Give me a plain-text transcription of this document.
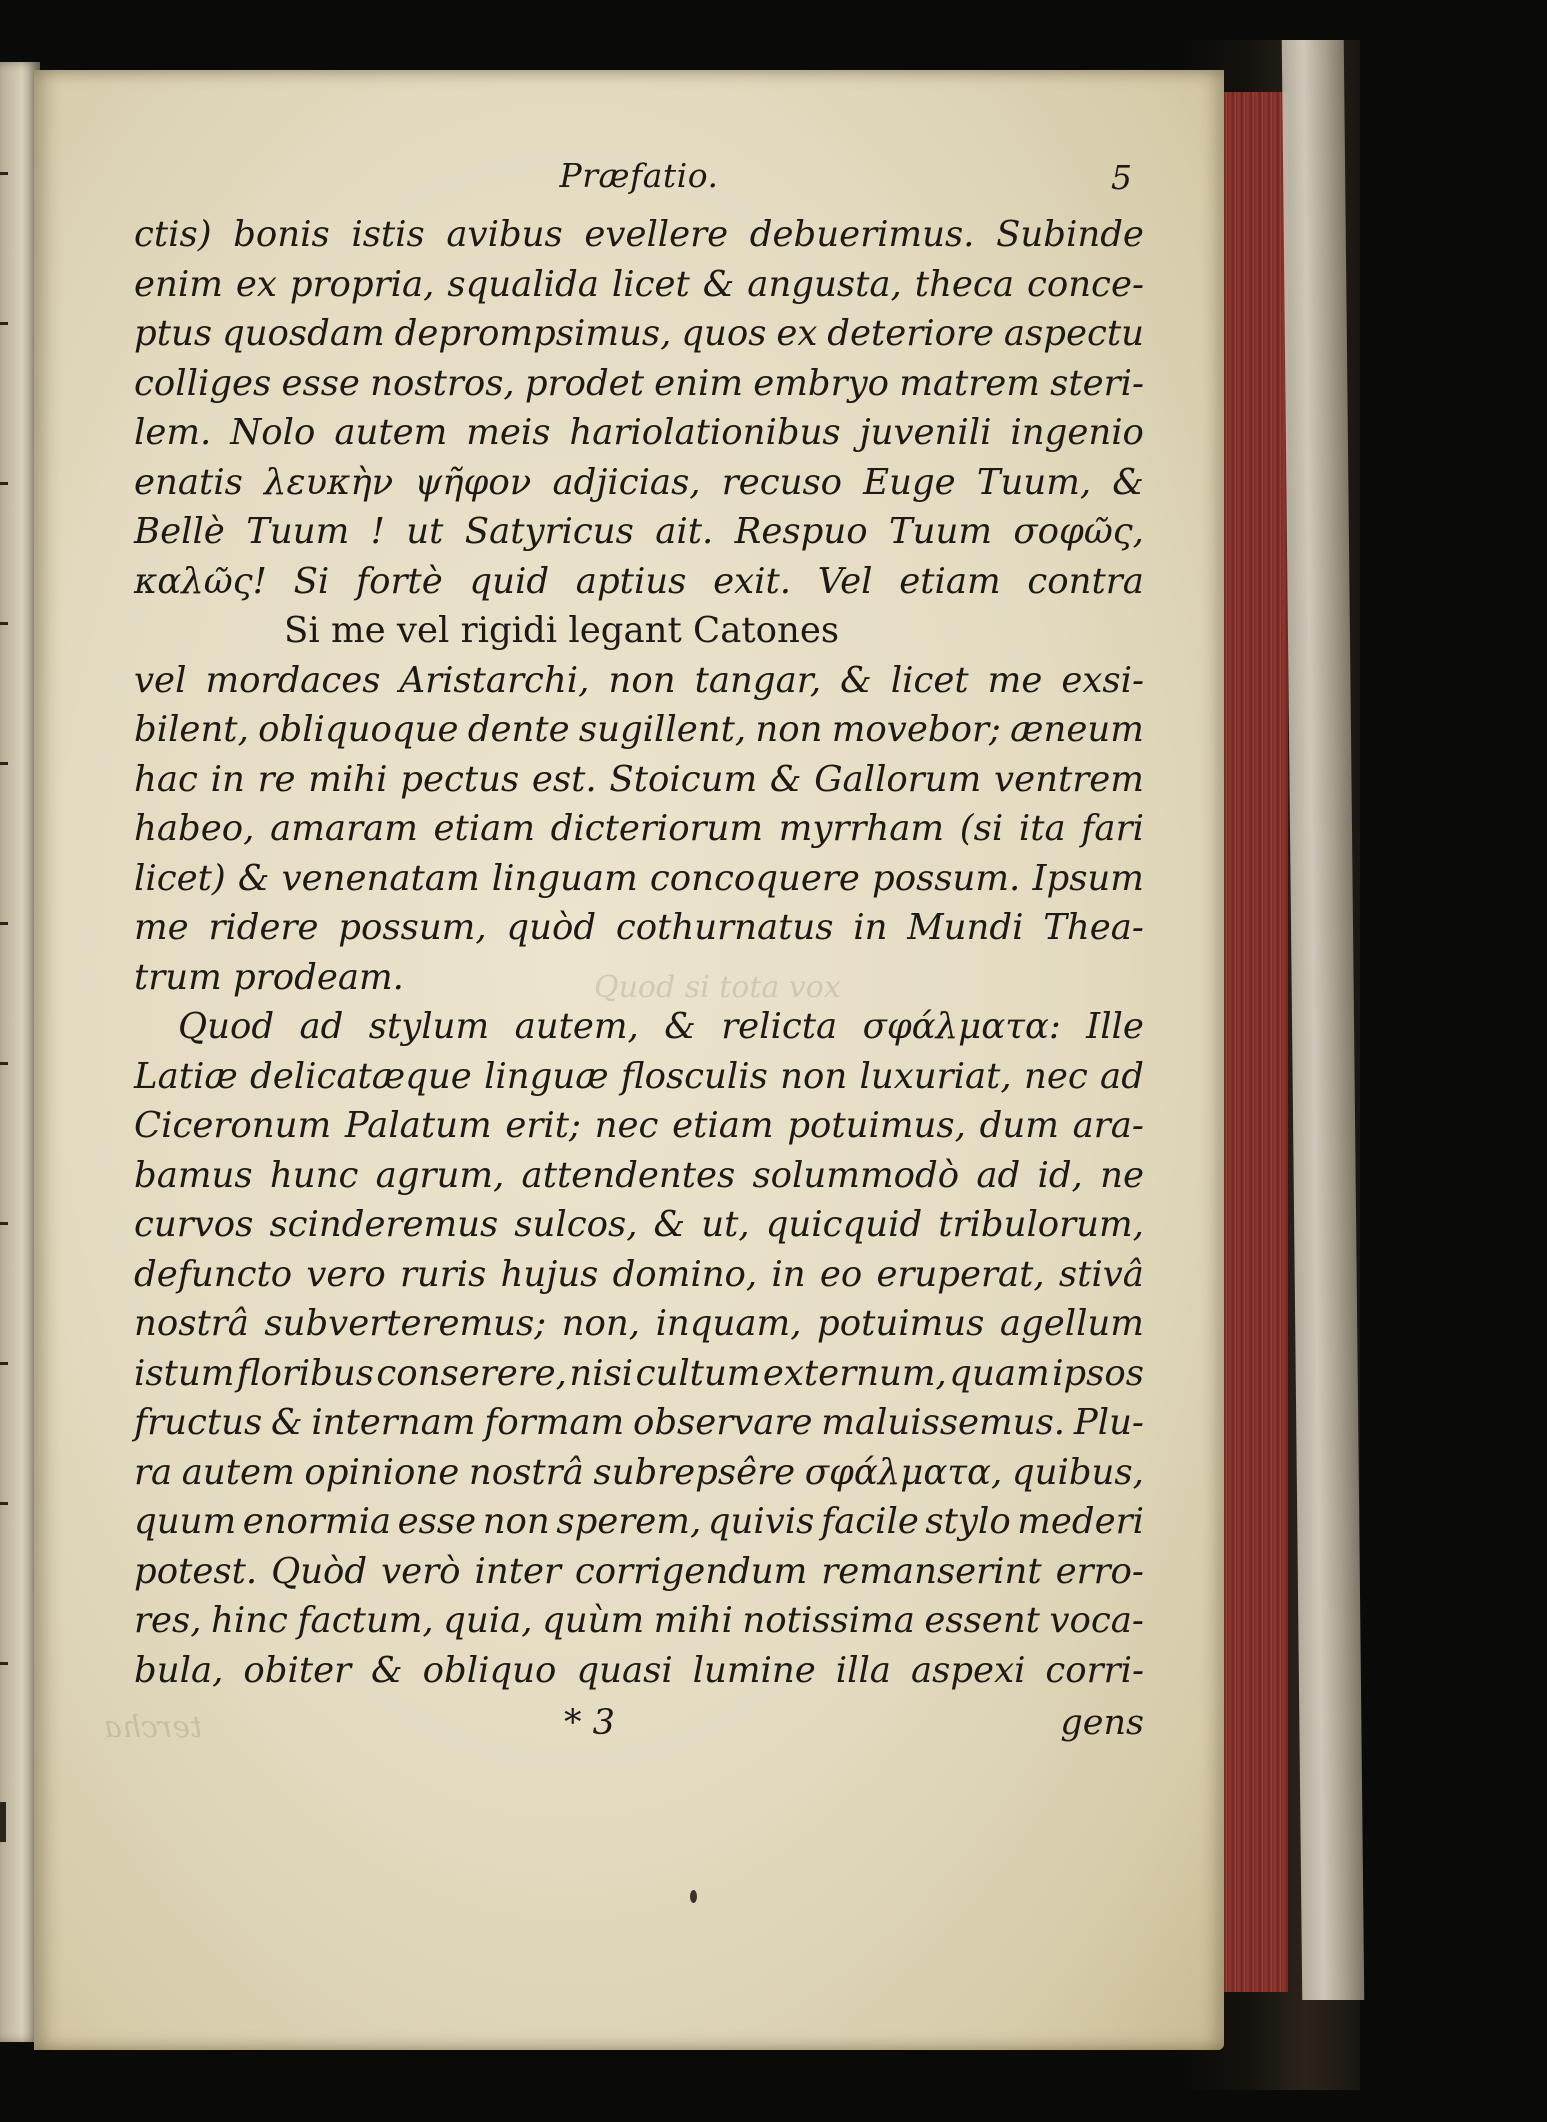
Quod si tota vox
Præfatio.	5
ctis) bonis istis avibus evellere debuerimus. Subinde
enim ex propria, squalida licet & angusta, theca conce-
ptus quosdam deprompsimus, quos ex deteriore aspectu
colliges esse nostros, prodet enim embryo matrem steri-
lem. Nolo autem meis hariolationibus juvenili ingenio
enatis λευκὴν ψῆφον adjicias, recuso Euge Tuum, &
Bellè Tuum ! ut Satyricus ait. Respuo Tuum σοφῶς,
καλῶς! Si fortè quid aptius exit. Vel etiam contra
Si me vel rigidi legant Catones
vel mordaces Aristarchi, non tangar, & licet me exsi-
bilent, obliquoque dente sugillent, non movebor; æneum
hac in re mihi pectus est. Stoicum & Gallorum ventrem
habeo, amaram etiam dicteriorum myrrham (si ita fari
licet) & venenatam linguam concoquere possum. Ipsum
me ridere possum, quòd cothurnatus in Mundi Thea-
trum prodeam.
Quod ad stylum autem, & relicta σφάλματα: Ille
Latiæ delicatæque linguæ flosculis non luxuriat, nec ad
Ciceronum Palatum erit; nec etiam potuimus, dum ara-
bamus hunc agrum, attendentes solummodò ad id, ne
curvos scinderemus sulcos, & ut, quicquid tribulorum,
defuncto vero ruris hujus domino, in eo eruperat, stivâ
nostrâ subverteremus; non, inquam, potuimus agellum
istum floribus conserere, nisi cultum externum, quam ipsos
fructus & internam formam observare maluissemus. Plu-
ra autem opinione nostrâ subrepsêre σφάλματα, quibus,
quum enormia esse non sperem, quivis facile stylo mederi
potest. Quòd verò inter corrigendum remanserint erro-
res, hinc factum, quia, quùm mihi notissima essent voca-
bula, obiter & obliquo quasi lumine illa aspexi corri-
* 3	gens
tercha
